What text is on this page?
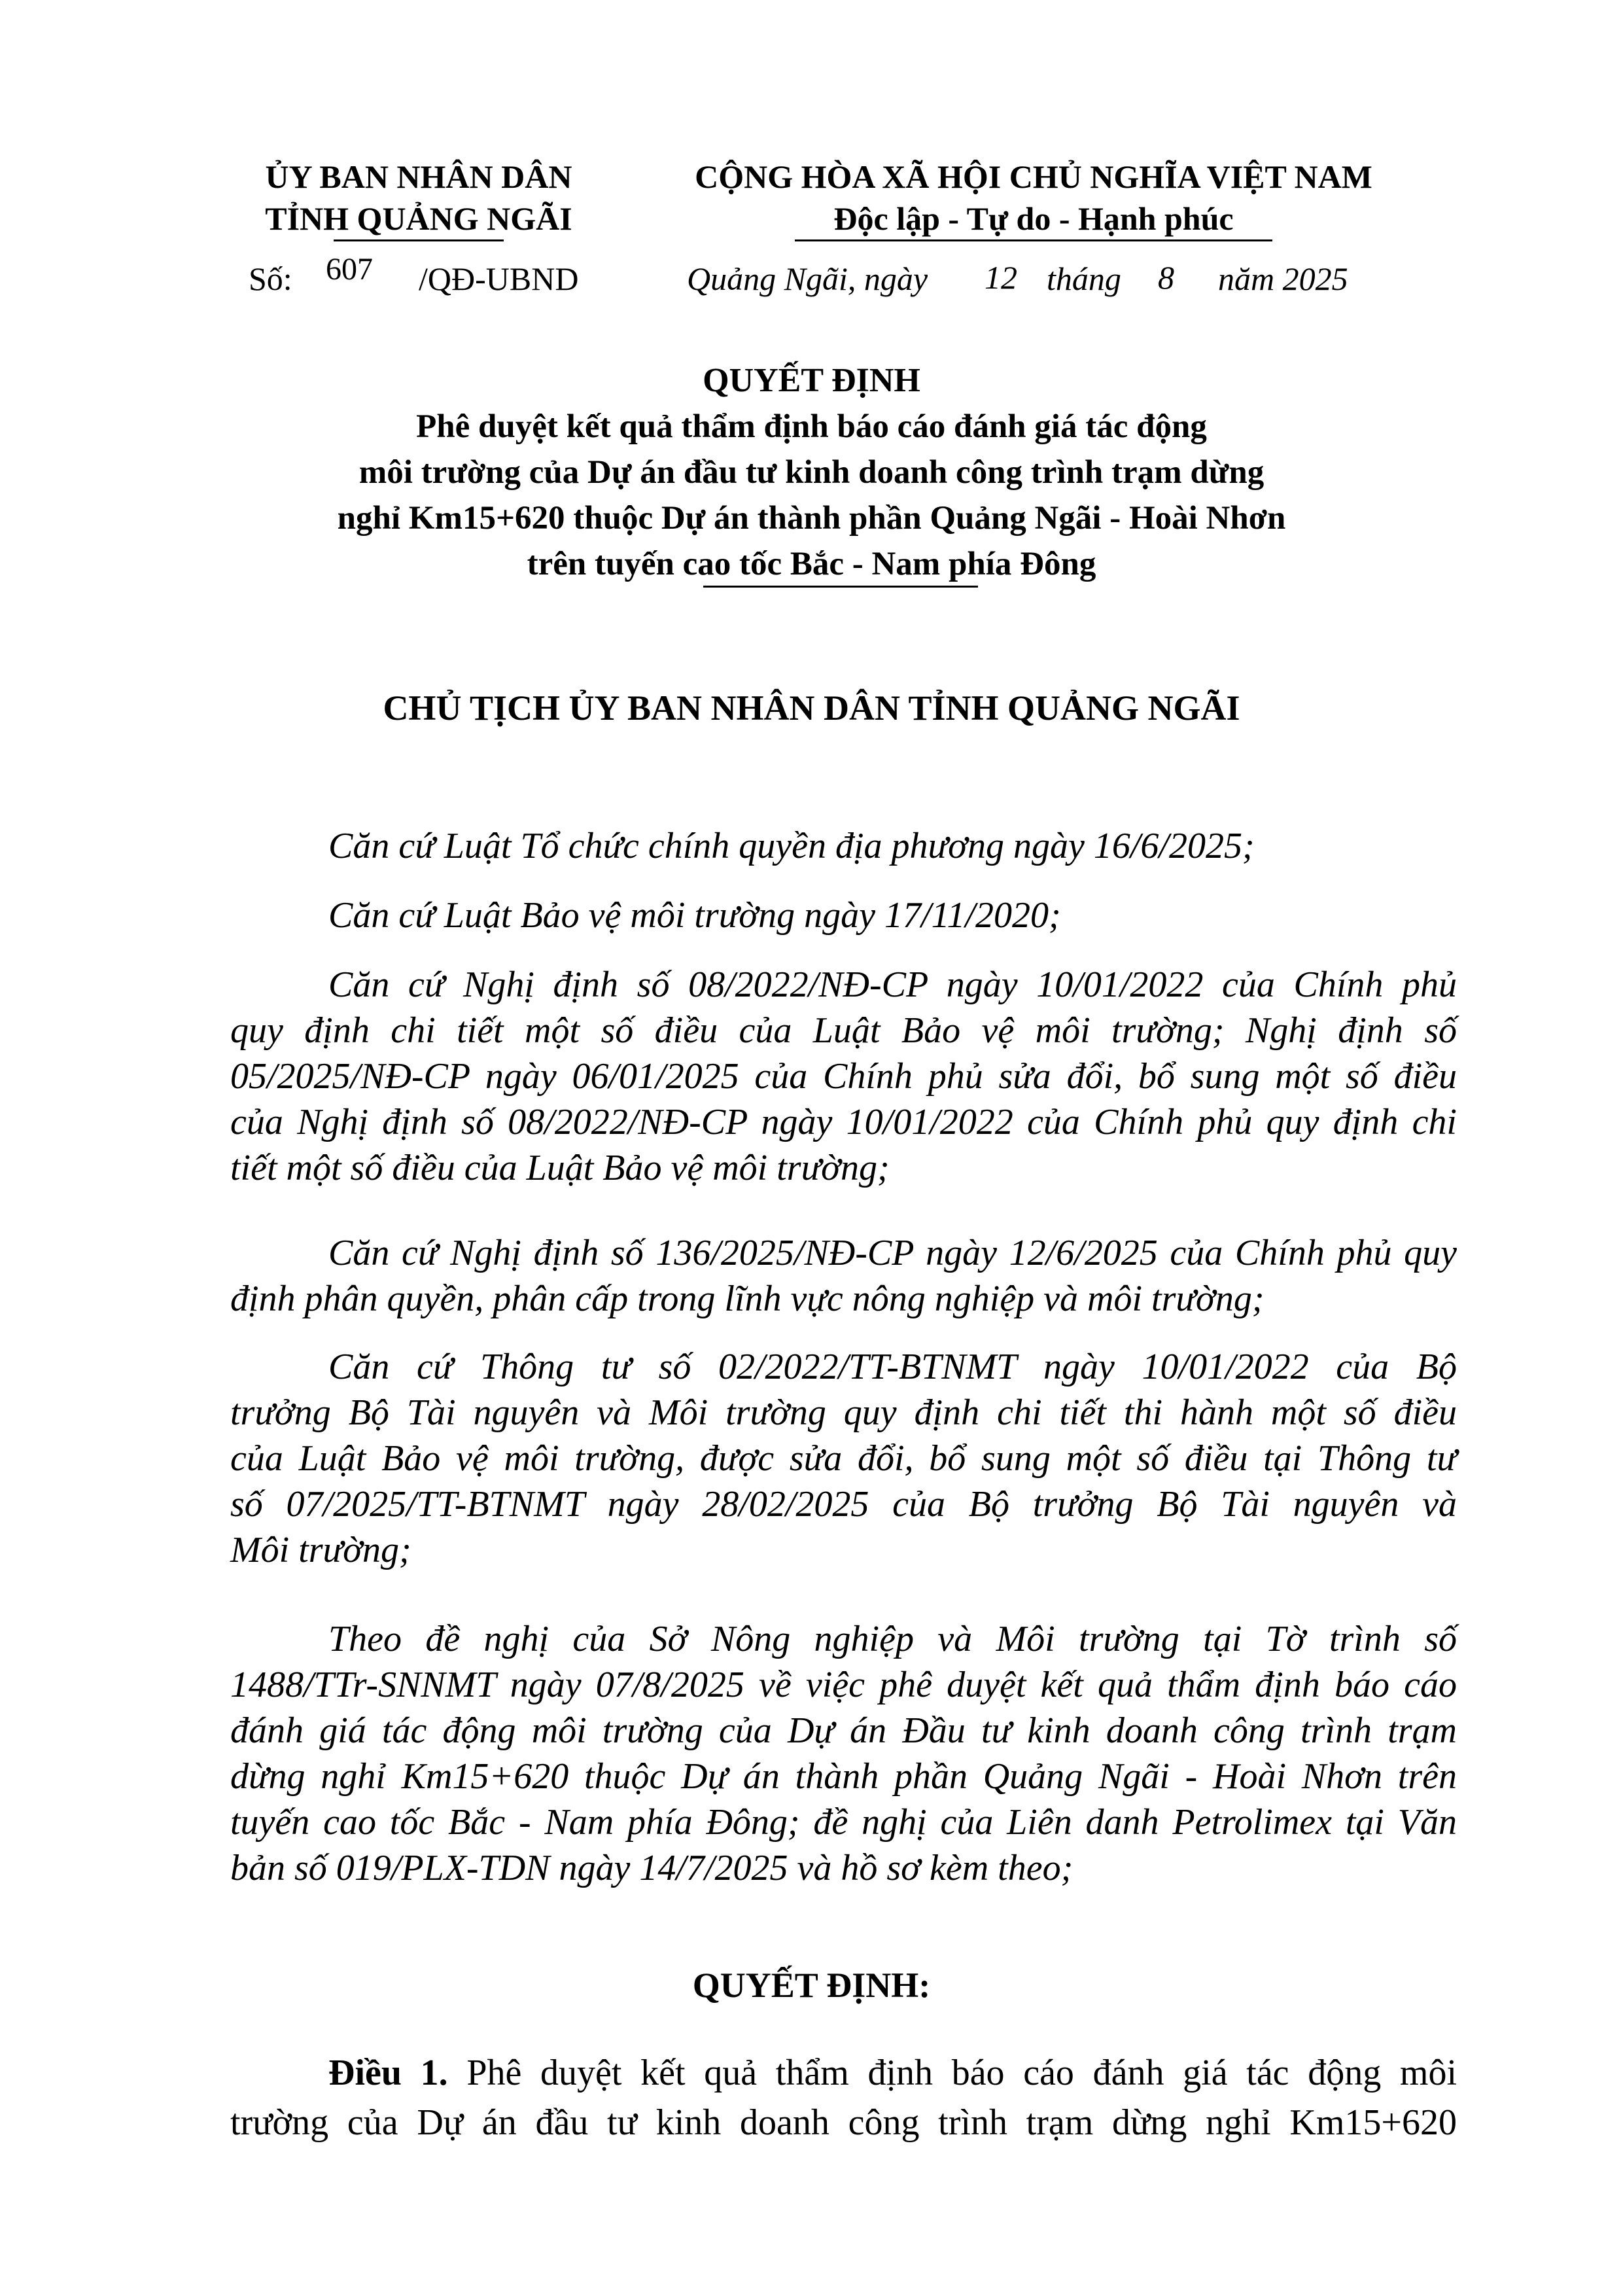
ỦY BAN NHÂN DÂN
TỈNH QUẢNG NGÃI
Số: 607 /QĐ-UBND
CỘNG HÒA XÃ HỘI CHỦ NGHĨA VIỆT NAM
Độc lập - Tự do - Hạnh phúc
Quảng Ngãi, ngày 12 tháng 8 năm 2025
QUYẾT ĐỊNH
Phê duyệt kết quả thẩm định báo cáo đánh giá tác động
môi trường của Dự án đầu tư kinh doanh công trình trạm dừng
nghỉ Km15+620 thuộc Dự án thành phần Quảng Ngãi - Hoài Nhơn
trên tuyến cao tốc Bắc - Nam phía Đông
CHỦ TỊCH ỦY BAN NHÂN DÂN TỈNH QUẢNG NGÃI
Căn cứ Luật Tổ chức chính quyền địa phương ngày 16/6/2025;
Căn cứ Luật Bảo vệ môi trường ngày 17/11/2020;
Căn cứ Nghị định số 08/2022/NĐ-CP ngày 10/01/2022 của Chính phủ
quy định chi tiết một số điều của Luật Bảo vệ môi trường; Nghị định số
05/2025/NĐ-CP ngày 06/01/2025 của Chính phủ sửa đổi, bổ sung một số điều
của Nghị định số 08/2022/NĐ-CP ngày 10/01/2022 của Chính phủ quy định chi
tiết một số điều của Luật Bảo vệ môi trường;
Căn cứ Nghị định số 136/2025/NĐ-CP ngày 12/6/2025 của Chính phủ quy
định phân quyền, phân cấp trong lĩnh vực nông nghiệp và môi trường;
Căn cứ Thông tư số 02/2022/TT-BTNMT ngày 10/01/2022 của Bộ
trưởng Bộ Tài nguyên và Môi trường quy định chi tiết thi hành một số điều
của Luật Bảo vệ môi trường, được sửa đổi, bổ sung một số điều tại Thông tư
số 07/2025/TT-BTNMT ngày 28/02/2025 của Bộ trưởng Bộ Tài nguyên và
Môi trường;
Theo đề nghị của Sở Nông nghiệp và Môi trường tại Tờ trình số
1488/TTr-SNNMT ngày 07/8/2025 về việc phê duyệt kết quả thẩm định báo cáo
đánh giá tác động môi trường của Dự án Đầu tư kinh doanh công trình trạm
dừng nghỉ Km15+620 thuộc Dự án thành phần Quảng Ngãi - Hoài Nhơn trên
tuyến cao tốc Bắc - Nam phía Đông; đề nghị của Liên danh Petrolimex tại Văn
bản số 019/PLX-TDN ngày 14/7/2025 và hồ sơ kèm theo;
QUYẾT ĐỊNH:
Điều 1. Phê duyệt kết quả thẩm định báo cáo đánh giá tác động môi
trường của Dự án đầu tư kinh doanh công trình trạm dừng nghỉ Km15+620
